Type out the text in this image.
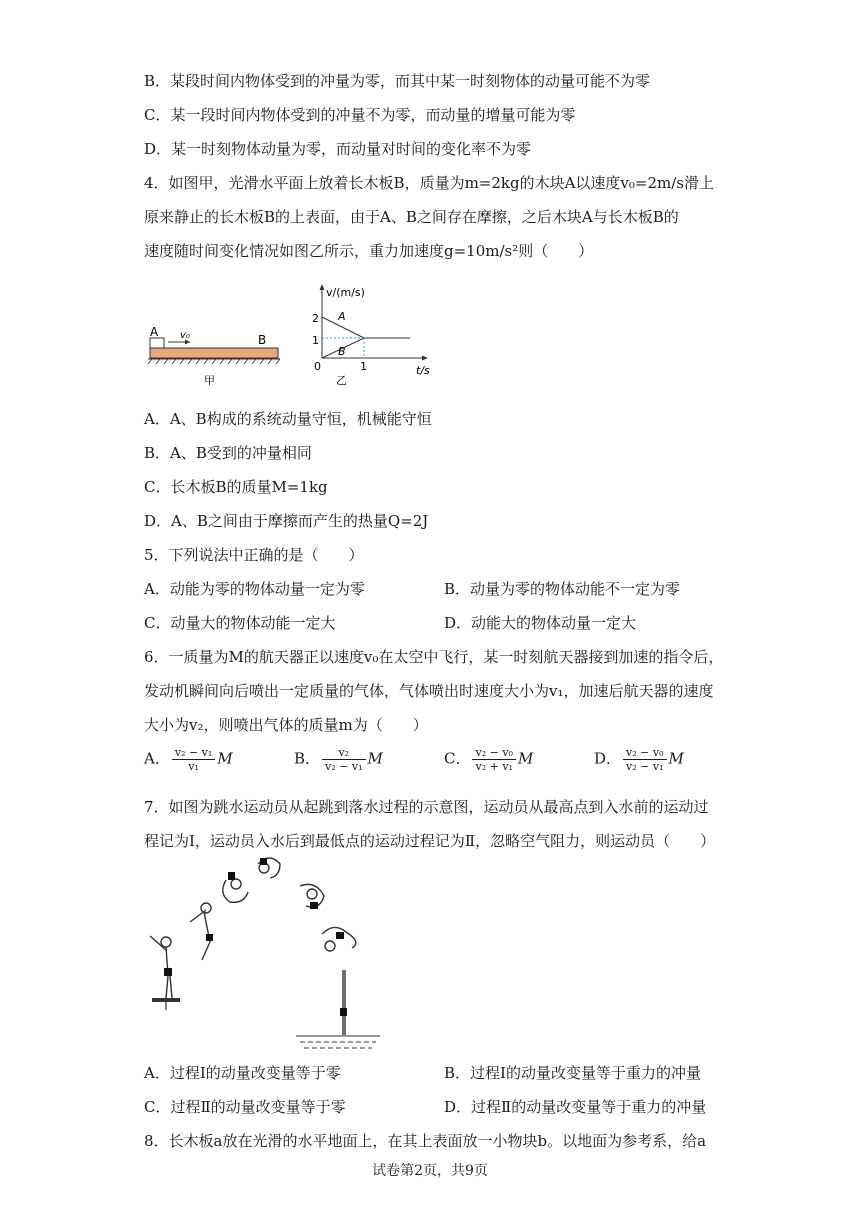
B．某段时间内物体受到的冲量为零，而其中某一时刻物体的动量可能不为零
C．某一段时间内物体受到的冲量不为零，而动量的增量可能为零
D．某一时刻物体动量为零，而动量对时间的变化率不为零
4．如图甲，光滑水平面上放着长木板B，质量为m=2kg的木块A以速度v₀=2m/s滑上
原来静止的长木板B的上表面，由于A、B之间存在摩擦，之后木块A与长木板B的
速度随时间变化情况如图乙所示，重力加速度g=10m/s²则（　　）
A v₀	B
甲
v/(m/s)
t/s
2
1
0	1
A
B
乙
A．A、B构成的系统动量守恒，机械能守恒
B．A、B受到的冲量相同
C．长木板B的质量M=1kg
D．A、B之间由于摩擦而产生的热量Q=2J
5．下列说法中正确的是（　　）
A．动能为零的物体动量一定为零	B．动量为零的物体动能不一定为零
C．动量大的物体动能一定大	D．动能大的物体动量一定大
6．一质量为M的航天器正以速度v₀在太空中飞行，某一时刻航天器接到加速的指令后，
发动机瞬间向后喷出一定质量的气体，气体喷出时速度大小为v₁，加速后航天器的速度
大小为v₂，则喷出气体的质量m为（　　）
A． $\frac{\text{v₂ − v₁}}{\text{v₁}}$ M	B． $\frac{\text{v₂}}{\text{v₂ − v₁}}$ M	C． $\frac{\text{v₂ − v₀}}{\text{v₂ + v₁}}$ M	D． $\frac{\text{v₂ − v₀}}{\text{v₂ − v₁}}$ M
7．如图为跳水运动员从起跳到落水过程的示意图，运动员从最高点到入水前的运动过
程记为Ⅰ，运动员入水后到最低点的运动过程记为Ⅱ，忽略空气阻力，则运动员（　　）
A．过程Ⅰ的动量改变量等于零	B．过程Ⅰ的动量改变量等于重力的冲量
C．过程Ⅱ的动量改变量等于零	D．过程Ⅱ的动量改变量等于重力的冲量
8．长木板a放在光滑的水平地面上，在其上表面放一小物块b。以地面为参考系，给a
试卷第2页，共9页
